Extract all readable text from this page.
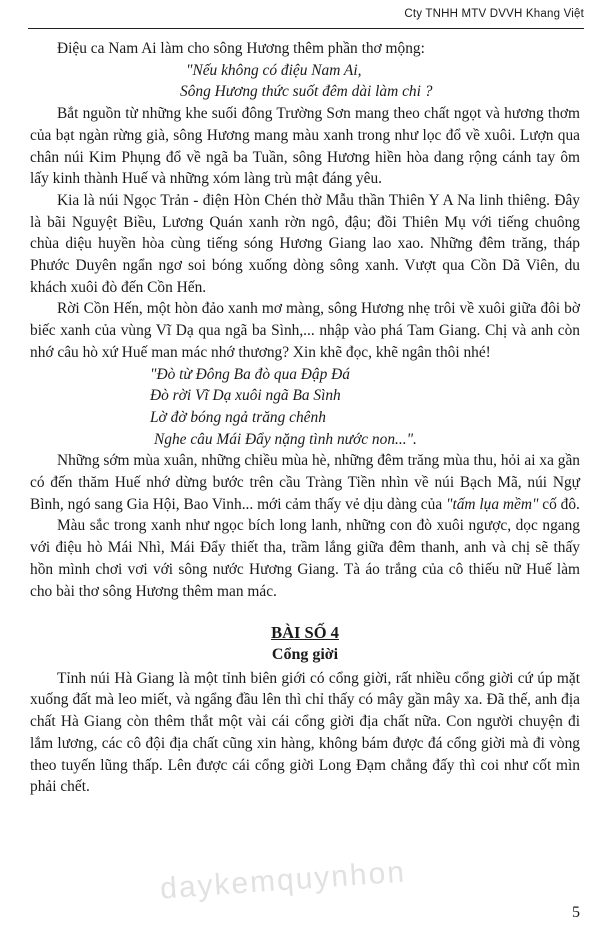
Cty TNHH MTV DVVH Khang Việt

Điệu ca Nam Ai làm cho sông Hương thêm phần thơ mộng:

"Nếu không có điệu Nam Ai,
Sông Hương thức suốt đêm dài làm chi ?

Bắt nguồn từ những khe suối đông Trường Sơn mang theo chất ngọt và hương thơm của bạt ngàn rừng già, sông Hương mang màu xanh trong như lọc đổ về xuôi. Lượn qua chân núi Kim Phụng đổ về ngã ba Tuần, sông Hương hiền hòa dang rộng cánh tay ôm lấy kinh thành Huế và những xóm làng trù mật đáng yêu.

Kia là núi Ngọc Trản - điện Hòn Chén thờ Mẫu thần Thiên Y A Na linh thiêng. Đây là bãi Nguyệt Biều, Lương Quán xanh rờn ngô, đậu; đồi Thiên Mụ với tiếng chuông chùa diệu huyền hòa cùng tiếng sóng Hương Giang lao xao. Những đêm trăng, tháp Phước Duyên ngẩn ngơ soi bóng xuống dòng sông xanh. Vượt qua Cồn Dã Viên, du khách xuôi đò đến Cồn Hến.

Rời Cồn Hến, một hòn đảo xanh mơ màng, sông Hương nhẹ trôi về xuôi giữa đôi bờ biếc xanh của vùng Vĩ Dạ qua ngã ba Sình,... nhập vào phá Tam Giang. Chị và anh còn nhớ câu hò xứ Huế man mác nhớ thương? Xin khẽ đọc, khẽ ngân thôi nhé!

"Đò từ Đông Ba đò qua Đập Đá
Đò rời Vĩ Dạ xuôi ngã Ba Sình
Lờ đờ bóng ngả trăng chênh
Nghe câu Mái Đẩy nặng tình nước non...".

Những sớm mùa xuân, những chiều mùa hè, những đêm trăng mùa thu, hỏi ai xa gần có đến thăm Huế nhớ dừng bước trên cầu Tràng Tiền nhìn về núi Bạch Mã, núi Ngự Bình, ngó sang Gia Hội, Bao Vinh... mới cảm thấy vẻ dịu dàng của "tấm lụa mềm" cố đô.

Màu sắc trong xanh như ngọc bích long lanh, những con đò xuôi ngược, dọc ngang với điệu hò Mái Nhì, Mái Đẩy thiết tha, trầm lắng giữa đêm thanh, anh và chị sẽ thấy hồn mình chơi vơi với sông nước Hương Giang. Tà áo trắng của cô thiếu nữ Huế làm cho bài thơ sông Hương thêm man mác.

BÀI SỐ 4
Cổng giời

Tỉnh núi Hà Giang là một tỉnh biên giới có cổng giời, rất nhiều cổng giời cứ úp mặt xuống đất mà leo miết, và ngẩng đầu lên thì chỉ thấy có mây gần mây xa. Đã thế, anh địa chất Hà Giang còn thêm thắt một vài cái cổng giời địa chất nữa. Con người chuyện đi lắm lương, các cô đội địa chất cũng xin hàng, không bám được đá cổng giời mà đi vòng theo tuyến lũng thấp. Lên được cái cổng giời Long Đạm chẳng đấy thì coi như cốt mìn phải chết.

daykemquynhon
5
